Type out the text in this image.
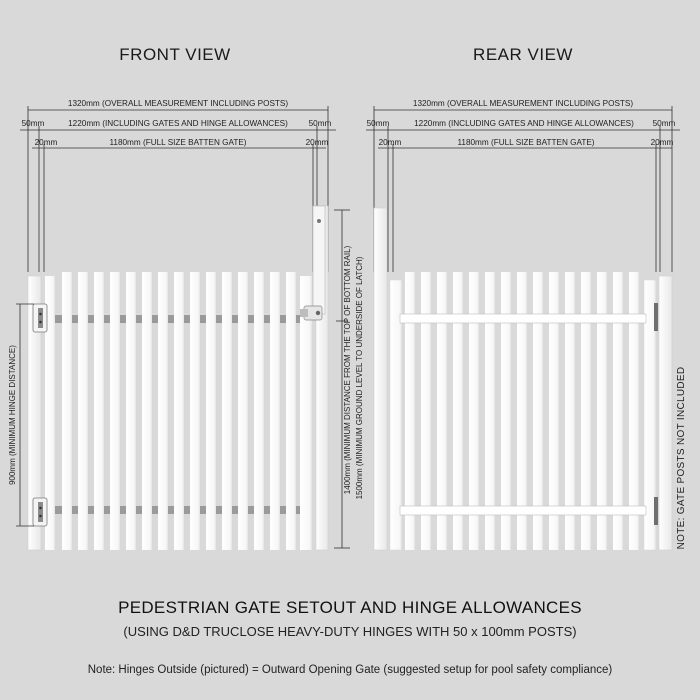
FRONT VIEW
1320mm (OVERALL MEASUREMENT INCLUDING POSTS)
1220mm (INCLUDING GATES AND HINGE ALLOWANCES)
50mm	50mm
1180mm (FULL SIZE BATTEN GATE)
20mm	20mm
900mm (MINIMUM HINGE DISTANCE)	1400mm (MINIMUM DISTANCE FROM THE TOP OF BOTTOM RAIL) 1500mm (MINIMUM GROUND LEVEL TO UNDERSIDE OF LATCH)
REAR VIEW
1320mm (OVERALL MEASUREMENT INCLUDING POSTS)
1220mm (INCLUDING GATES AND HINGE ALLOWANCES)
50mm	50mm
1180mm (FULL SIZE BATTEN GATE)
20mm	20mm
NOTE: GATE POSTS NOT INCLUDED
PEDESTRIAN GATE SETOUT AND HINGE ALLOWANCES
(USING D&D TRUCLOSE HEAVY-DUTY HINGES WITH 50 x 100mm POSTS)
Note: Hinges Outside (pictured) = Outward Opening Gate (suggested setup for pool safety compliance)
